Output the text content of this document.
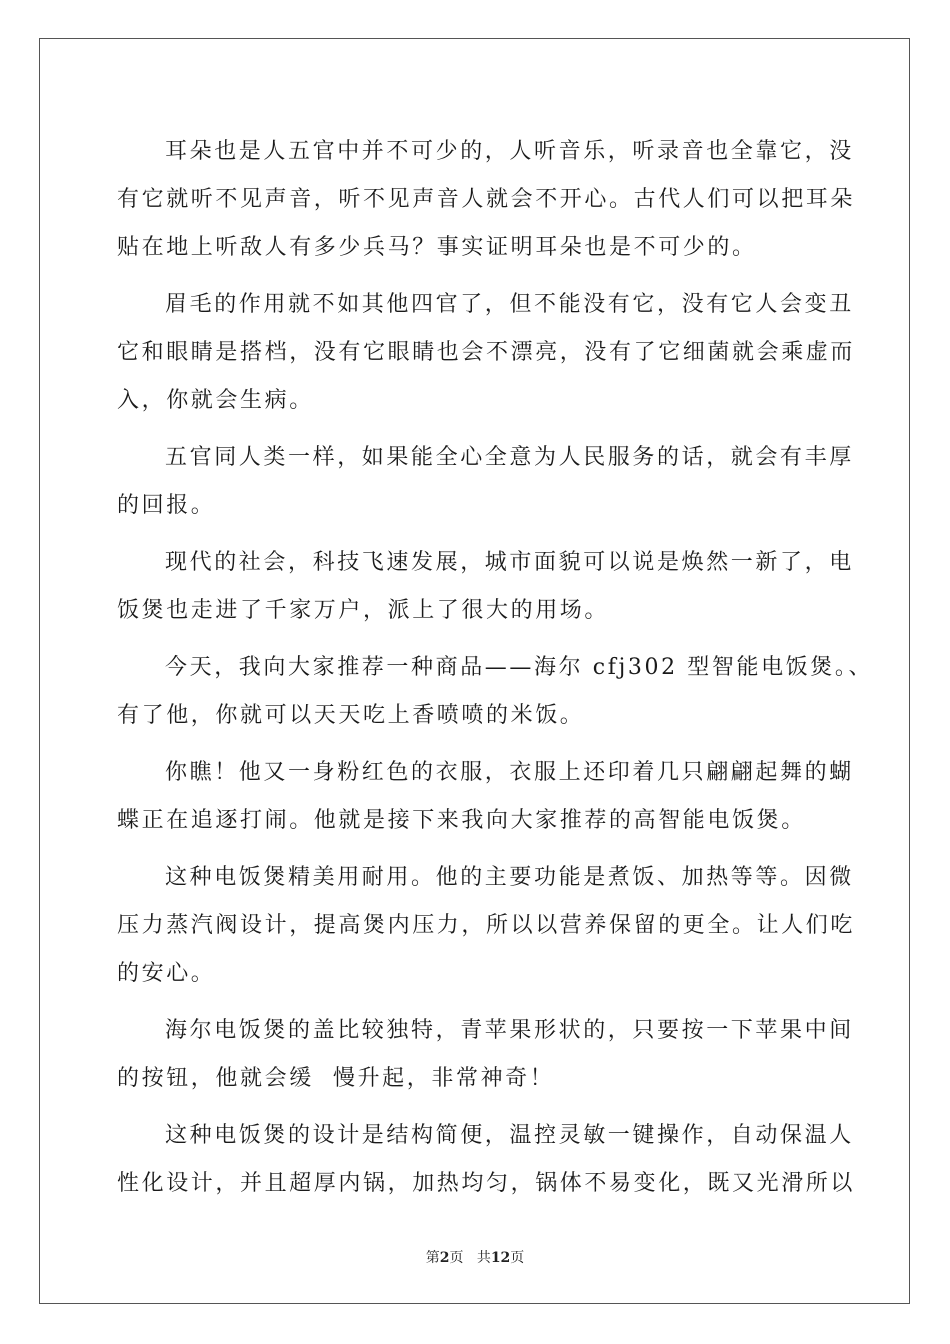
耳朵也是人五官中并不可少的，人听音乐，听录音也全靠它，没
有它就听不见声音，听不见声音人就会不开心。古代人们可以把耳朵
贴在地上听敌人有多少兵马？事实证明耳朵也是不可少的。
眉毛的作用就不如其他四官了，但不能没有它，没有它人会变丑
它和眼睛是搭档，没有它眼睛也会不漂亮，没有了它细菌就会乘虚而
入，你就会生病。
五官同人类一样，如果能全心全意为人民服务的话，就会有丰厚
的回报。
现代的社会，科技飞速发展，城市面貌可以说是焕然一新了，电
饭煲也走进了千家万户，派上了很大的用场。
今天，我向大家推荐一种商品——海尔 cfj302 型智能电饭煲。、
有了他，你就可以天天吃上香喷喷的米饭。
你瞧！他又一身粉红色的衣服，衣服上还印着几只翩翩起舞的蝴
蝶正在追逐打闹。他就是接下来我向大家推荐的高智能电饭煲。
这种电饭煲精美用耐用。他的主要功能是煮饭、加热等等。因微
压力蒸汽阀设计，提高煲内压力，所以以营养保留的更全。让人们吃
的安心。
海尔电饭煲的盖比较独特，青苹果形状的，只要按一下苹果中间
的按钮，他就会缓  慢升起，非常神奇！
这种电饭煲的设计是结构简便，温控灵敏一键操作，自动保温人
性化设计，并且超厚内锅，加热均匀，锅体不易变化，既又光滑所以
第2页 共12页
